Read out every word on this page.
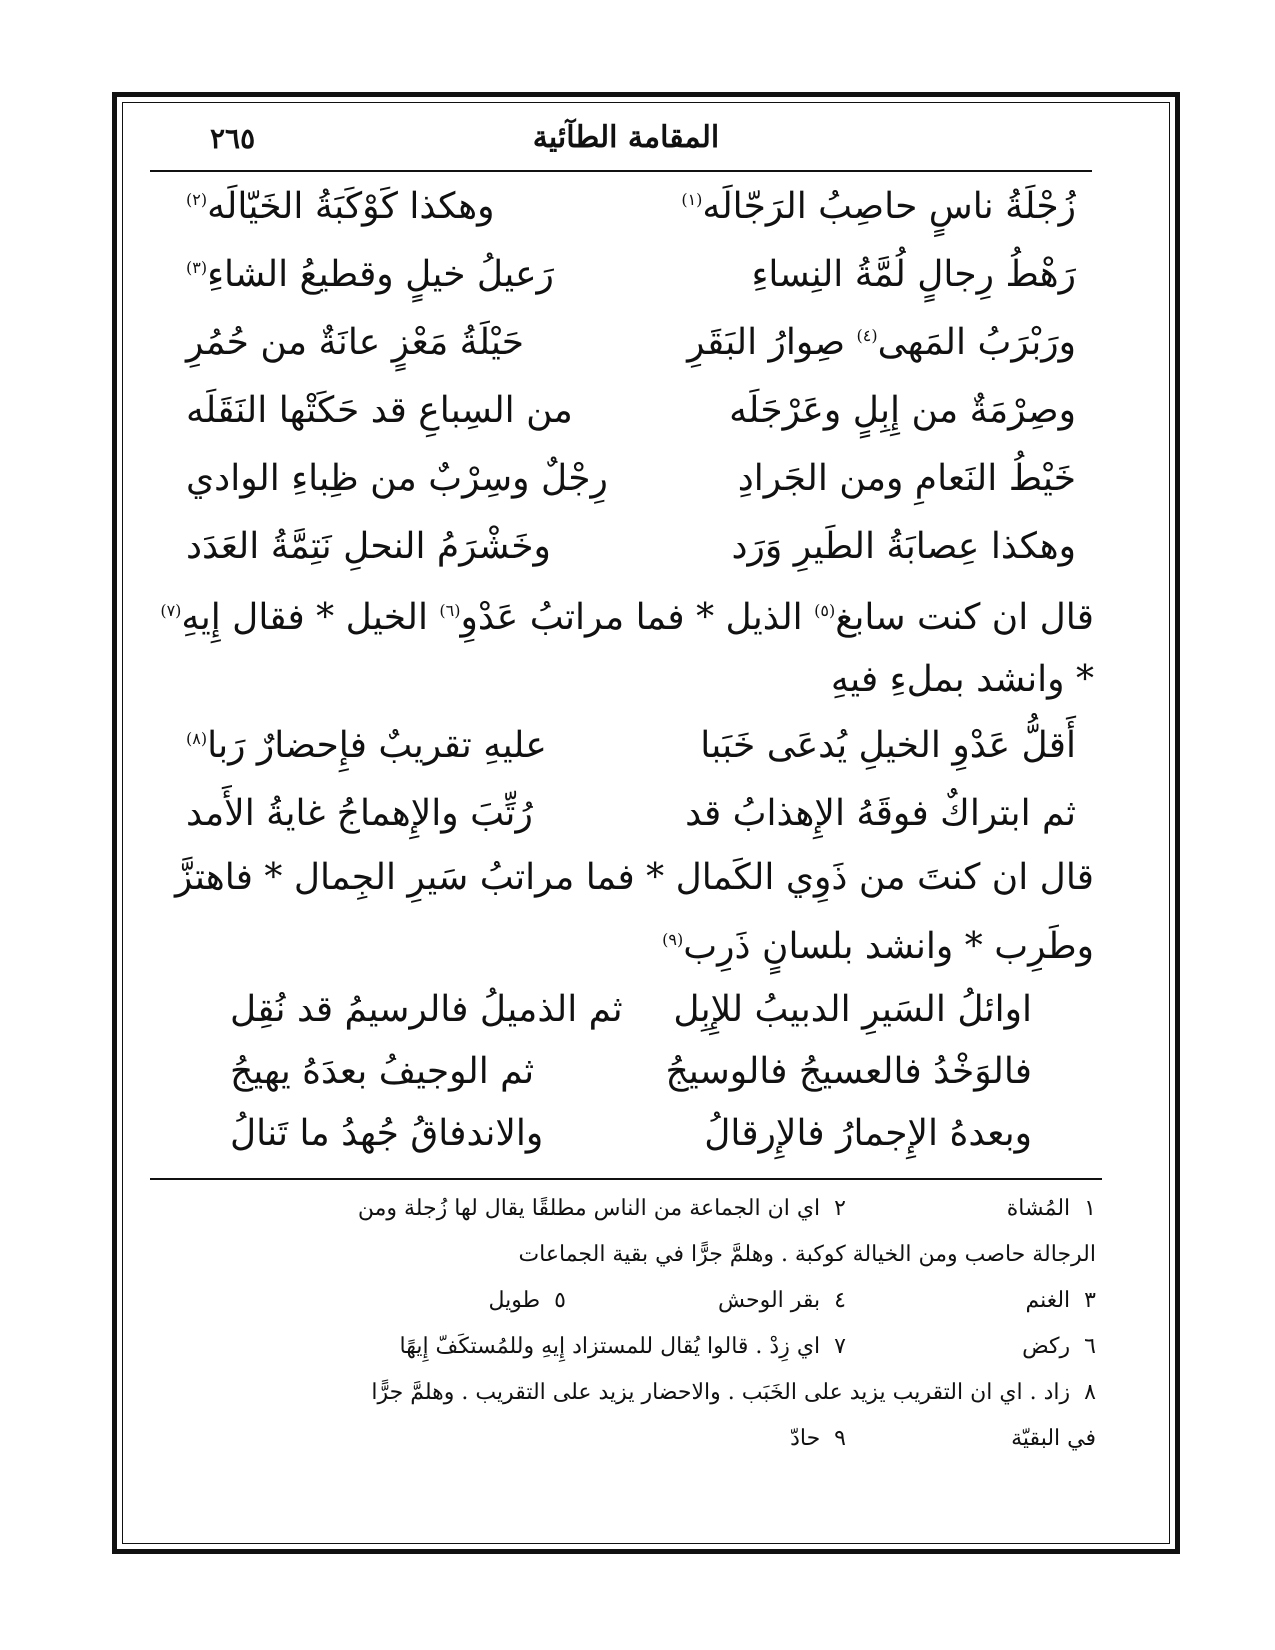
المقامة الطآئية
٢٦٥
زُجْلَةُ ناسٍ حاصِبُ الرَجّالَه$^{(١)}$
وهكذا كَوْكَبَةُ الخَيّالَه$^{(٢)}$
رَهْطُ رِجالٍ لُمَّةُ النِساءِ
رَعيلُ خيلٍ وقطيعُ الشاءِ$^{(٣)}$
ورَبْرَبُ المَهى$^{(٤)}$ صِوارُ البَقَرِ
حَيْلَةُ مَعْزٍ عانَةٌ من حُمُرِ
وصِرْمَةٌ من إِبِلٍ وعَرْجَلَه
من السِباعِ قد حَكَتْها النَقَلَه
خَيْطُ النَعامِ ومن الجَرادِ
رِجْلٌ وسِرْبٌ من ظِباءِ الوادي
وهكذا عِصابَةُ الطَيرِ وَرَد
وخَشْرَمُ النحلِ نَتِمَّةُ العَدَد
قال ان كنت سابغ$^{(٥)}$ الذيل * فما مراتبُ عَدْوِ$^{(٦)}$ الخيل * فقال إِيهِ$^{(٧)}$ * وانشد بملءِ فيهِ
أَقلُّ عَدْوِ الخيلِ يُدعَى خَبَبا
عليهِ تقريبٌ فإِحضارٌ رَبا$^{(٨)}$
ثم ابتراكٌ فوقَهُ الإِهذابُ قد
رُتِّبَ والإِهماجُ غايةُ الأَمد
قال ان كنتَ من ذَوِي الكَمال * فما مراتبُ سَيرِ الجِمال * فاهتزَّ وطَرِب * وانشد بلسانٍ ذَرِب$^{(٩)}$
اوائلُ السَيرِ الدبيبُ للإِبِل
ثم الذميلُ فالرسيمُ قد نُقِل
فالوَخْدُ فالعسيجُ فالوسيجُ
ثم الوجيفُ بعدَهُ يهيجُ
وبعدهُ الإِجمارُ فالإِرقالُ
والاندفاقُ جُهدُ ما تَنالُ
١  المُشاة
٢  اي ان الجماعة من الناس مطلقًا يقال لها زُجلة ومن
الرجالة حاصب ومن الخيالة كوكبة . وهلمَّ جرًّا في بقية الجماعات
٣  الغنم
٤  بقر الوحش
٥  طويل
٦  ركض
٧  اي زِدْ . قالوا يُقال للمستزاد إِيهِ وللمُستكَفّ إِيهًا
٨  زاد . اي ان التقريب يزيد على الخَبَب . والاحضار يزيد على التقريب . وهلمَّ جرًّا
في البقيّة
٩  حادّ
